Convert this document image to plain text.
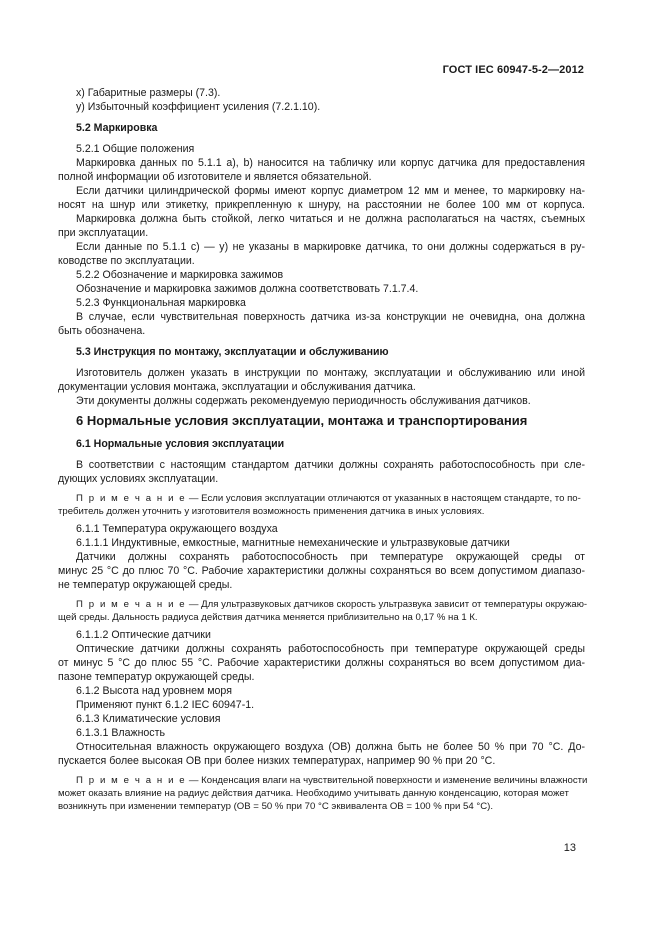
ГОСТ IEC 60947-5-2—2012
x) Габаритные размеры (7.3).
у) Избыточный коэффициент усиления (7.2.1.10).
5.2 Маркировка
5.2.1 Общие положения
Маркировка данных по 5.1.1 а), b) наносится на табличку или корпус датчика для предоставления
полной информации об изготовителе и является обязательной.
Если датчики цилиндрической формы имеют корпус диаметром 12 мм и менее, то маркировку на-
носят на шнур или этикетку, прикрепленную к шнуру, на расстоянии не более 100 мм от корпуса.
Маркировка должна быть стойкой, легко читаться и не должна располагаться на частях, съемных
при эксплуатации.
Если данные по 5.1.1 с) — у) не указаны в маркировке датчика, то они должны содержаться в ру-
ководстве по эксплуатации.
5.2.2 Обозначение и маркировка зажимов
Обозначение и маркировка зажимов должна соответствовать 7.1.7.4.
5.2.3 Функциональная маркировка
В случае, если чувствительная поверхность датчика из-за конструкции не очевидна, она должна
быть обозначена.
5.3 Инструкция по монтажу, эксплуатации и обслуживанию
Изготовитель должен указать в инструкции по монтажу, эксплуатации и обслуживанию или иной
документации условия монтажа, эксплуатации и обслуживания датчика.
Эти документы должны содержать рекомендуемую периодичность обслуживания датчиков.
6 Нормальные условия эксплуатации, монтажа и транспортирования
6.1 Нормальные условия эксплуатации
В соответствии с настоящим стандартом датчики должны сохранять работоспособность при сле-
дующих условиях эксплуатации.
П р и м е ч а н и е — Если условия эксплуатации отличаются от указанных в настоящем стандарте, то по-
требитель должен уточнить у изготовителя возможность применения датчика в иных условиях.
6.1.1 Температура окружающего воздуха
6.1.1.1 Индуктивные, емкостные, магнитные немеханические и ультразвуковые датчики
Датчики должны сохранять работоспособность при температуре окружающей среды от
минус 25 °С до плюс 70 °С. Рабочие характеристики должны сохраняться во всем допустимом диапазо-
не температур окружающей среды.
П р и м е ч а н и е — Для ультразвуковых датчиков скорость ультразвука зависит от температуры окружаю-
щей среды. Дальность радиуса действия датчика меняется приблизительно на 0,17 % на 1 К.
6.1.1.2 Оптические датчики
Оптические датчики должны сохранять работоспособность при температуре окружающей среды
от минус 5 °С до плюс 55 °С. Рабочие характеристики должны сохраняться во всем допустимом диа-
пазоне температур окружающей среды.
6.1.2 Высота над уровнем моря
Применяют пункт 6.1.2 IEC 60947-1.
6.1.3 Климатические условия
6.1.3.1 Влажность
Относительная влажность окружающего воздуха (ОВ) должна быть не более 50 % при 70 °С. До-
пускается более высокая ОВ при более низких температурах, например 90 % при 20 °С.
П р и м е ч а н и е — Конденсация влаги на чувствительной поверхности и изменение величины влажности
может оказать влияние на радиус действия датчика. Необходимо учитывать данную конденсацию, которая может
возникнуть при изменении температур (ОВ = 50 % при 70 °С эквивалента ОВ = 100 % при 54 °С).
13
